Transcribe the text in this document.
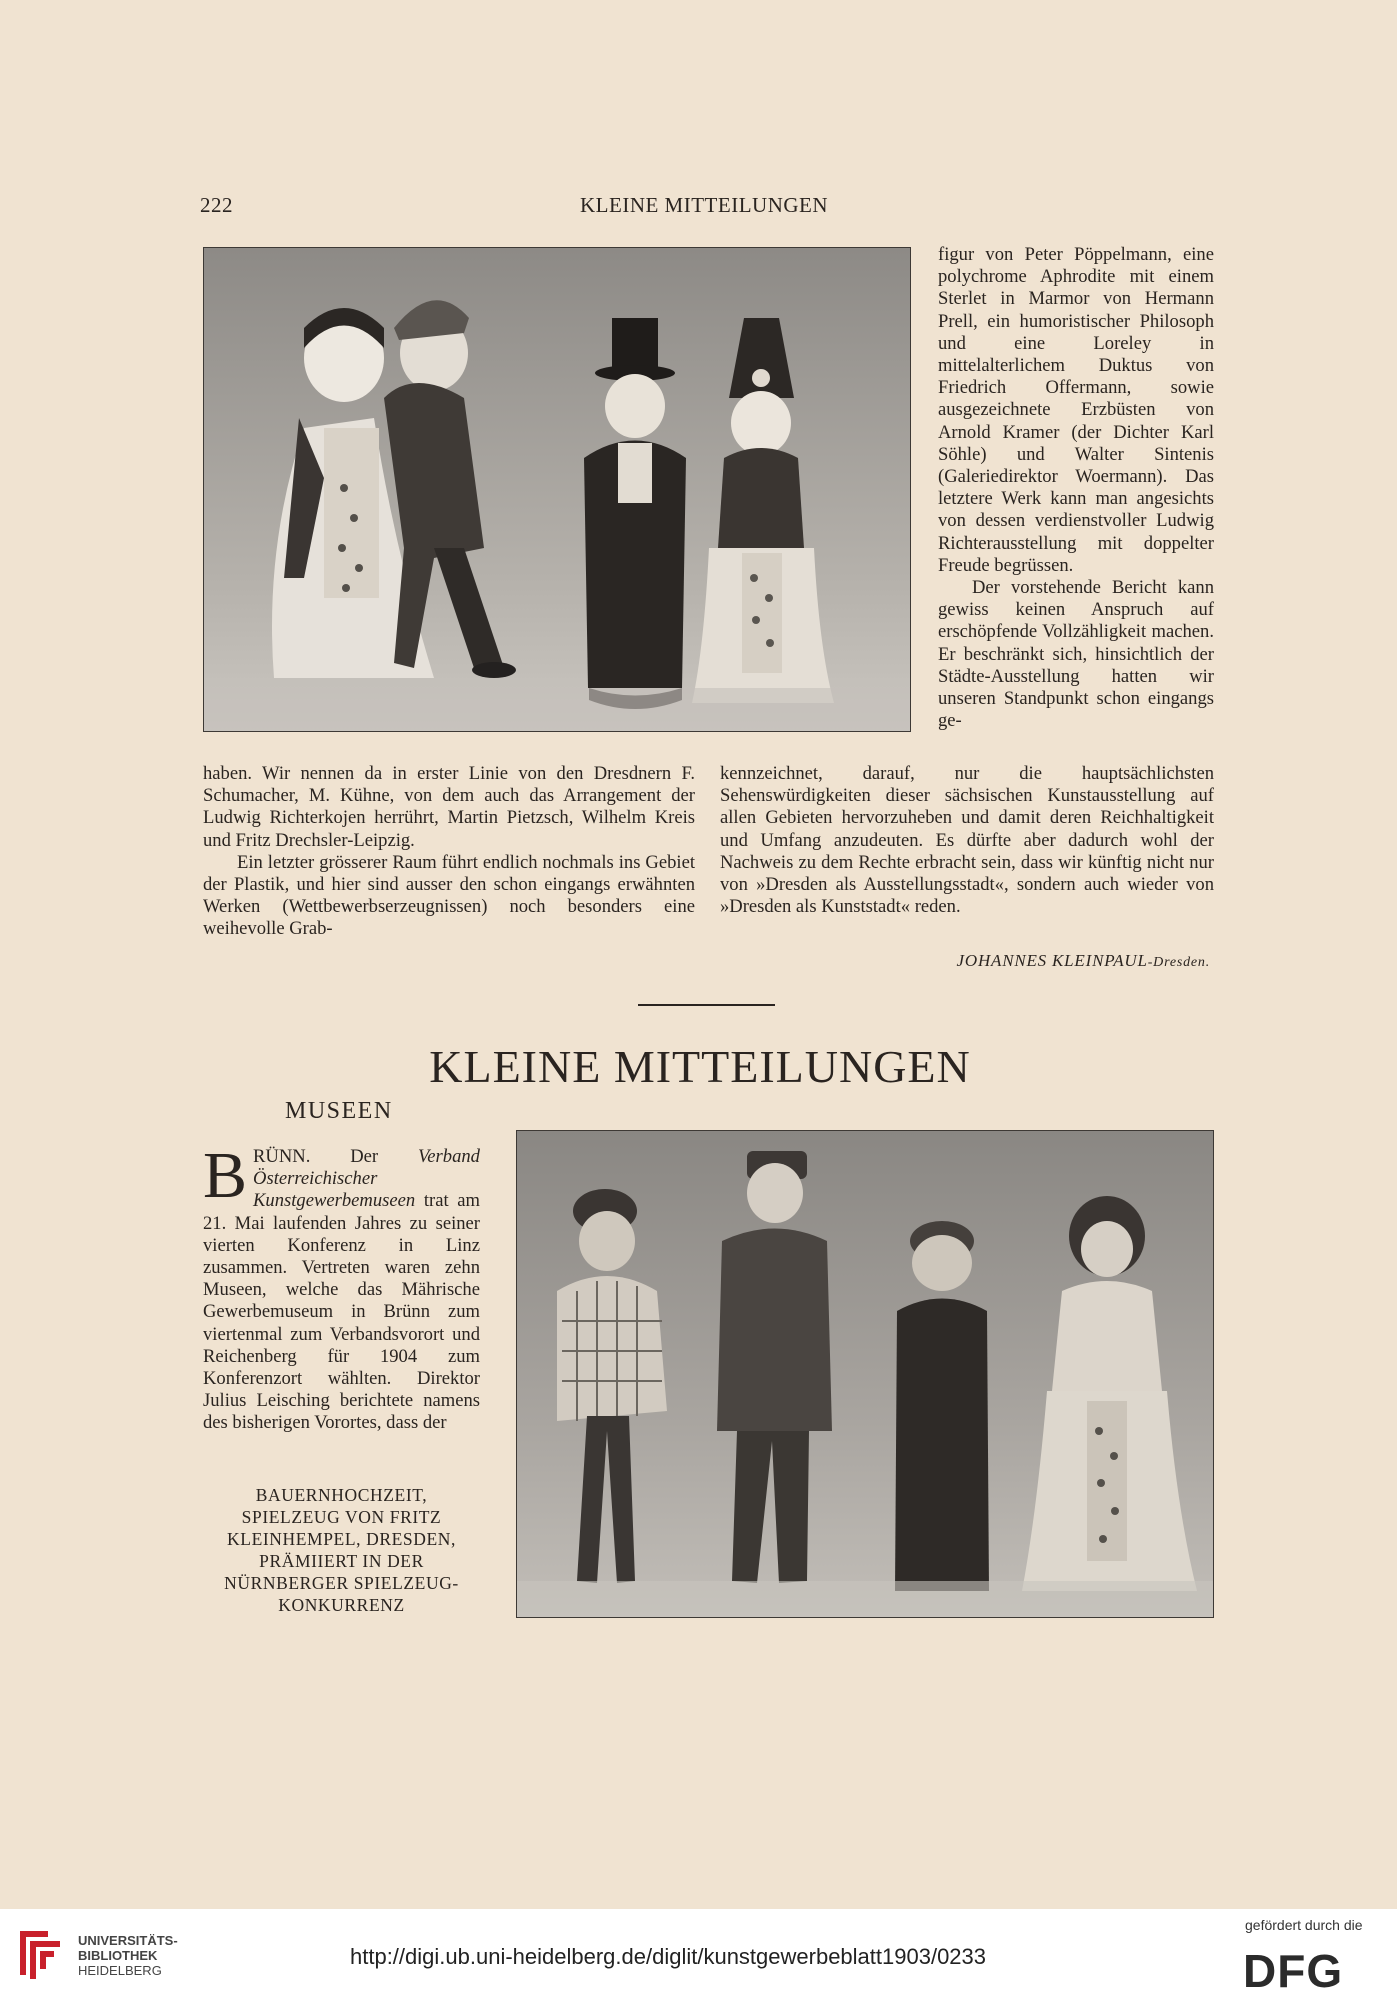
222	KLEINE MITTEILUNGEN

figur von Peter Pöppelmann, eine polychrome Aphrodite mit einem Sterlet in Marmor von Hermann Prell, ein humoristischer Philosoph und eine Loreley in mittelalterlichem Duktus von Friedrich Offermann, sowie ausgezeichnete Erzbüsten von Arnold Kramer (der Dichter Karl Söhle) und Walter Sintenis (Galeriedirektor Woermann). Das letztere Werk kann man angesichts von dessen verdienstvoller Ludwig Richterausstellung mit doppelter Freude begrüssen.

Der vorstehende Bericht kann gewiss keinen Anspruch auf erschöpfende Vollzähligkeit machen. Er beschränkt sich, hinsichtlich der Städte-Ausstellung hatten wir unseren Standpunkt schon eingangs ge-

haben. Wir nennen da in erster Linie von den Dresdnern F. Schumacher, M. Kühne, von dem auch das Arrangement der Ludwig Richterkojen herrührt, Martin Pietzsch, Wilhelm Kreis und Fritz Drechsler-Leipzig.

Ein letzter grösserer Raum führt endlich nochmals ins Gebiet der Plastik, und hier sind ausser den schon eingangs erwähnten Werken (Wettbewerbserzeugnissen) noch besonders eine weihevolle Grab-

kennzeichnet, darauf, nur die hauptsächlichsten Sehenswürdigkeiten dieser sächsischen Kunstausstellung auf allen Gebieten hervorzuheben und damit deren Reichhaltigkeit und Umfang anzudeuten. Es dürfte aber dadurch wohl der Nachweis zu dem Rechte erbracht sein, dass wir künftig nicht nur von »Dresden als Ausstellungsstadt«, sondern auch wieder von »Dresden als Kunststadt« reden.

JOHANNES KLEINPAUL-Dresden.
KLEINE MITTEILUNGEN
MUSEEN
B RÜNN. Der Verband Österreichischer Kunstgewerbemuseen trat am 21. Mai laufenden Jahres zu seiner vierten Konferenz in Linz zusammen. Vertreten waren zehn Museen, welche das Mährische Gewerbemuseum in Brünn zum viertenmal zum Verbandsvorort und Reichenberg für 1904 zum Konferenzort wählten. Direktor Julius Leisching berichtete namens des bisherigen Vorortes, dass der
BAUERNHOCHZEIT,
SPIELZEUG VON FRITZ
KLEINHEMPEL, DRESDEN,
PRÄMIIERT IN DER
NÜRNBERGER SPIELZEUG-
KONKURRENZ
UNIVERSITÄTS-
BIBLIOTHEK
HEIDELBERG
http://digi.ub.uni-heidelberg.de/diglit/kunstgewerbeblatt1903/0233
gefördert durch die
DFG
